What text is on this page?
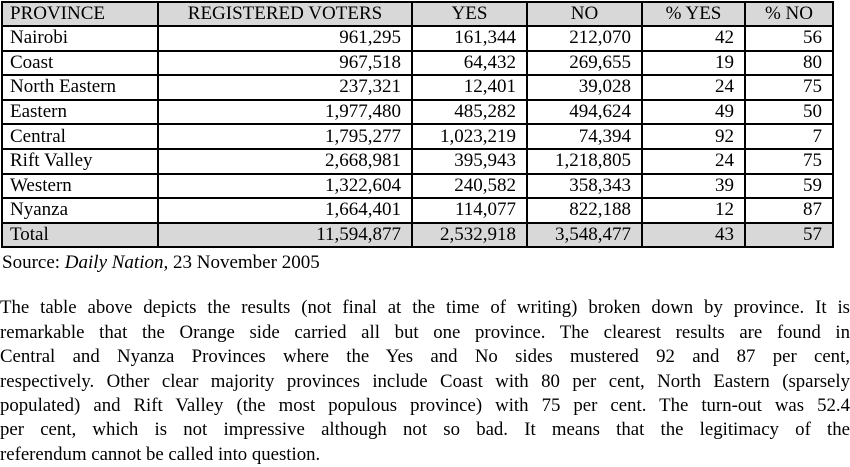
PROVINCE	REGISTERED VOTERS	YES	NO	% YES	% NO
Nairobi	961,295	161,344	212,070	42	56
Coast	967,518	64,432	269,655	19	80
North Eastern	237,321	12,401	39,028	24	75
Eastern	1,977,480	485,282	494,624	49	50
Central	1,795,277	1,023,219	74,394	92	7
Rift Valley	2,668,981	395,943	1,218,805	24	75
Western	1,322,604	240,582	358,343	39	59
Nyanza	1,664,401	114,077	822,188	12	87
Total	11,594,877	2,532,918	3,548,477	43	57
Source: Daily Nation, 23 November 2005
The table above depicts the results (not final at the time of writing) broken down by province. It is
remarkable that the Orange side carried all but one province. The clearest results are found in
Central and Nyanza Provinces where the Yes and No sides mustered 92 and 87 per cent,
respectively. Other clear majority provinces include Coast with 80 per cent, North Eastern (sparsely
populated) and Rift Valley (the most populous province) with 75 per cent. The turn-out was 52.4
per cent, which is not impressive although not so bad. It means that the legitimacy of the
referendum cannot be called into question.
